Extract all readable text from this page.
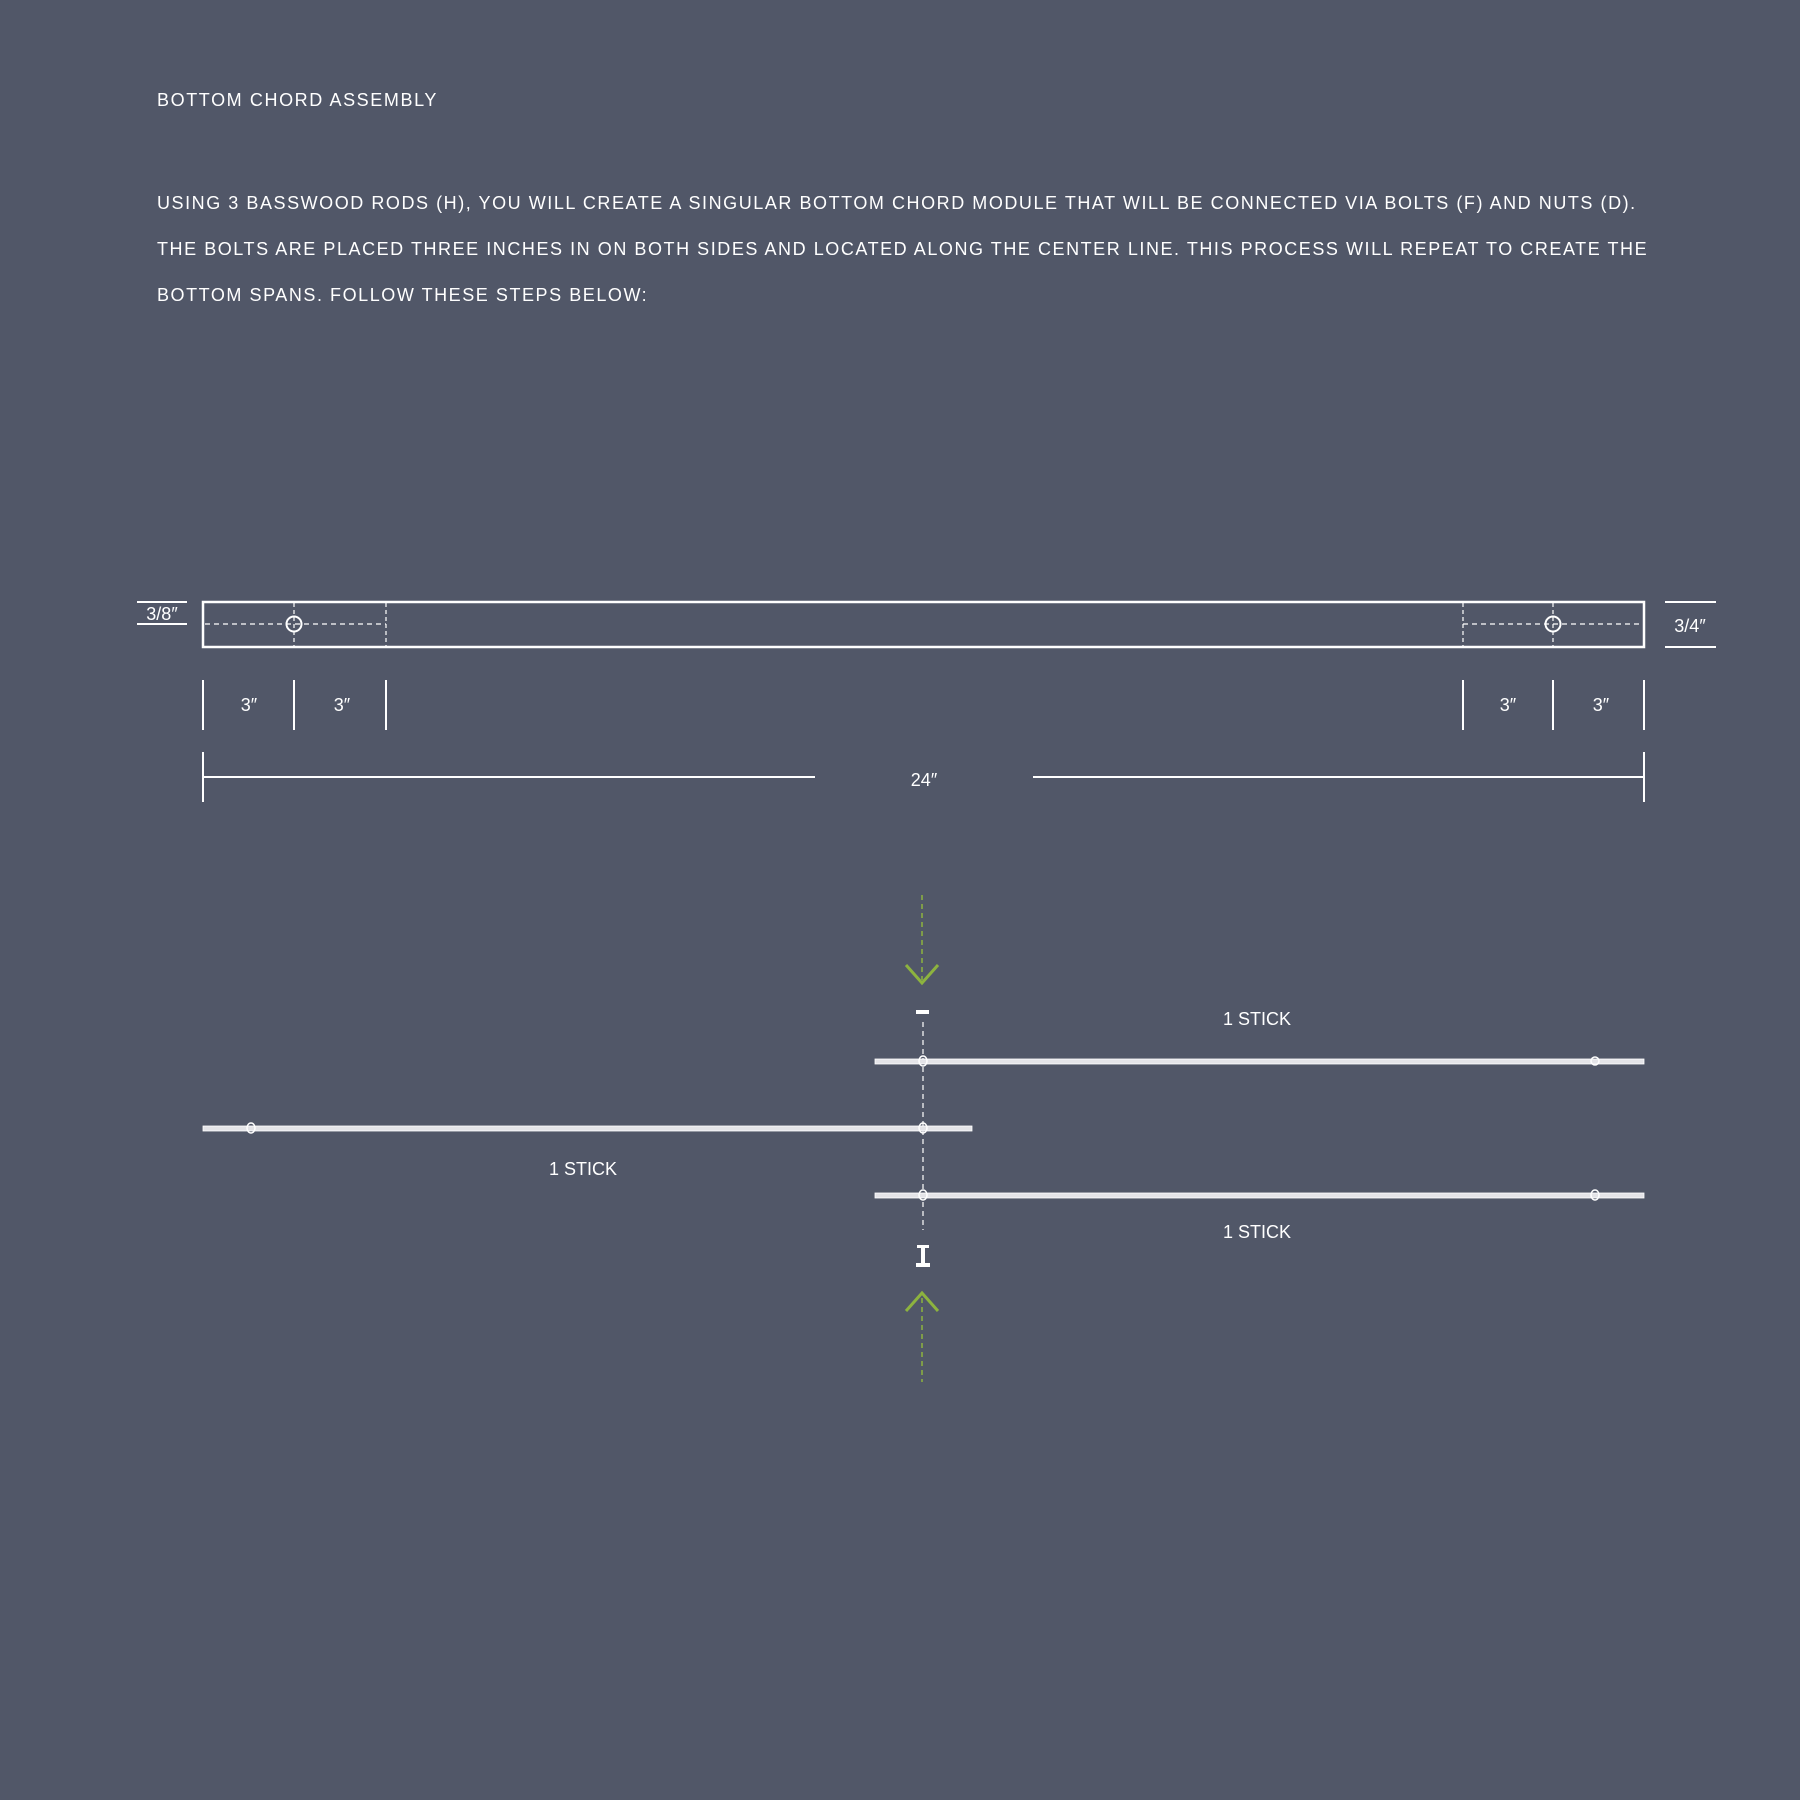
BOTTOM CHORD ASSEMBLY
USING 3 BASSWOOD RODS (H), YOU WILL CREATE A SINGULAR BOTTOM CHORD MODULE THAT WILL BE CONNECTED VIA BOLTS (F) AND NUTS (D).
THE BOLTS ARE PLACED THREE INCHES IN ON BOTH SIDES AND LOCATED ALONG THE CENTER LINE. THIS PROCESS WILL REPEAT TO CREATE THE
BOTTOM SPANS. FOLLOW THESE STEPS BELOW:
3/8″
3/4″
3″	3″	3″	3″
24″
1 STICK
1 STICK
1 STICK
